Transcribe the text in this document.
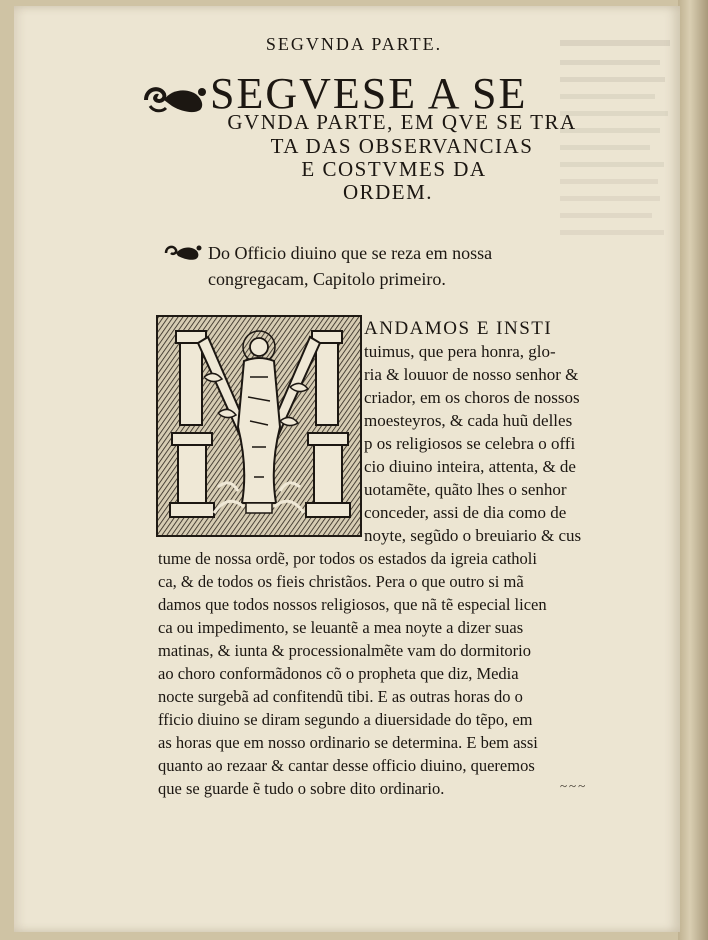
SEGVNDA PARTE.
SEGVESE A SE
GVNDA PARTE, EM QVE SE TRA
TA DAS OBSERVANCIAS
E COSTVMES DA
ORDEM.
Do Officio diuino que se reza em nossa
congregacam, Capitolo primeiro.
ANDAMOS E INSTI
tuimus, que pera honra, glo-
ria & louuor de nosso senhor &
criador, em os choros de nossos
moesteyros, & cada huũ delles
p os religiosos se celebra o offi
cio diuino inteira, attenta, & de
uotamẽte, quãto lhes o senhor
conceder, assi de dia como de
noyte, segũdo o breuiario & cus
tume de nossa ordẽ, por todos os estados da igreia catholi
ca, & de todos os fieis christãos. Pera o que outro si mã
damos que todos nossos religiosos, que nã tẽ especial licen
ca ou impedimento, se leuantẽ a mea noyte a dizer suas
matinas, & iunta & processionalmẽte vam do dormitorio
ao choro conformãdonos cõ o propheta que diz, Media
nocte surgebã ad confitendũ tibi. E as outras horas do o
fficio diuino se diram segundo a diuersidade do tẽpo, em
as horas que em nosso ordinario se determina. E bem assi
quanto ao rezaar & cantar desse officio diuino, queremos
que se guarde ẽ tudo o sobre dito ordinario.	~~~
